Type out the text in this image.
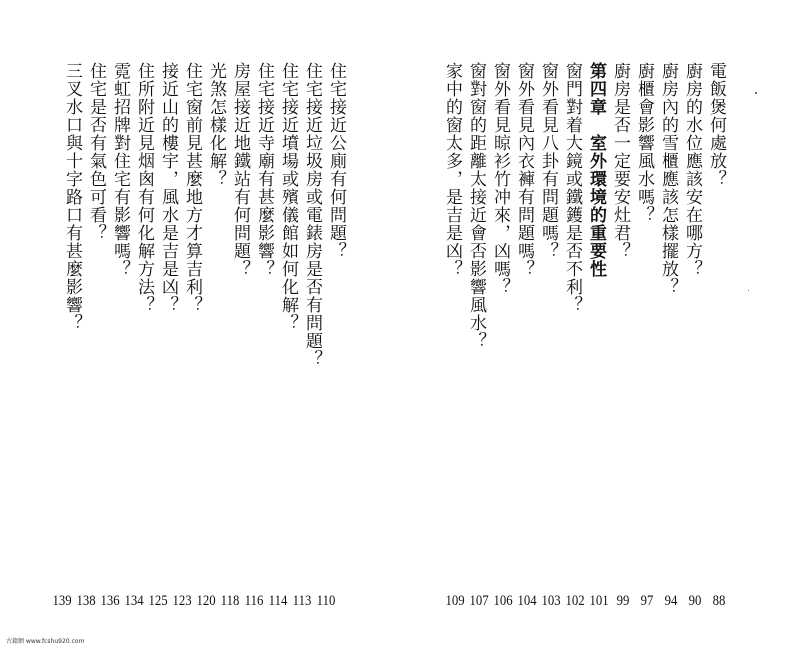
電飯煲何處放？
廚房的水位應該安在哪方？
廚房內的雪櫃應該怎樣擺放？
廚櫃會影響風水嗎？
廚房是否一定要安灶君？
第四章　室外環境的重要性
窗門對着大鏡或鐵鑊是否不利？
窗外看見八卦有問題嗎？
窗外看見內衣褲有問題嗎？
窗外看見晾衫竹冲來，凶嗎？
窗對窗的距離太接近會否影響風水？
家中的窗太多，是吉是凶？
88
90
94
97
99
101
102
103
104
106
107
109
住宅接近公廁有何問題？
住宅接近垃圾房或電錶房是否有問題？
住宅接近墳場或殯儀館如何化解？
住宅接近寺廟有甚麼影響？
房屋接近地鐵站有何問題？
光煞怎樣化解？
住宅窗前見甚麼地方才算吉利？
接近山的樓宇，風水是吉是凶？
住所附近見烟囪有何化解方法？
霓虹招牌對住宅有影響嗎？
住宅是否有氣色可看？
三叉水口與十字路口有甚麼影響？
110
113
114
116
118
120
123
125
134
136
138
139
古籍網 www.fcshu920.com
